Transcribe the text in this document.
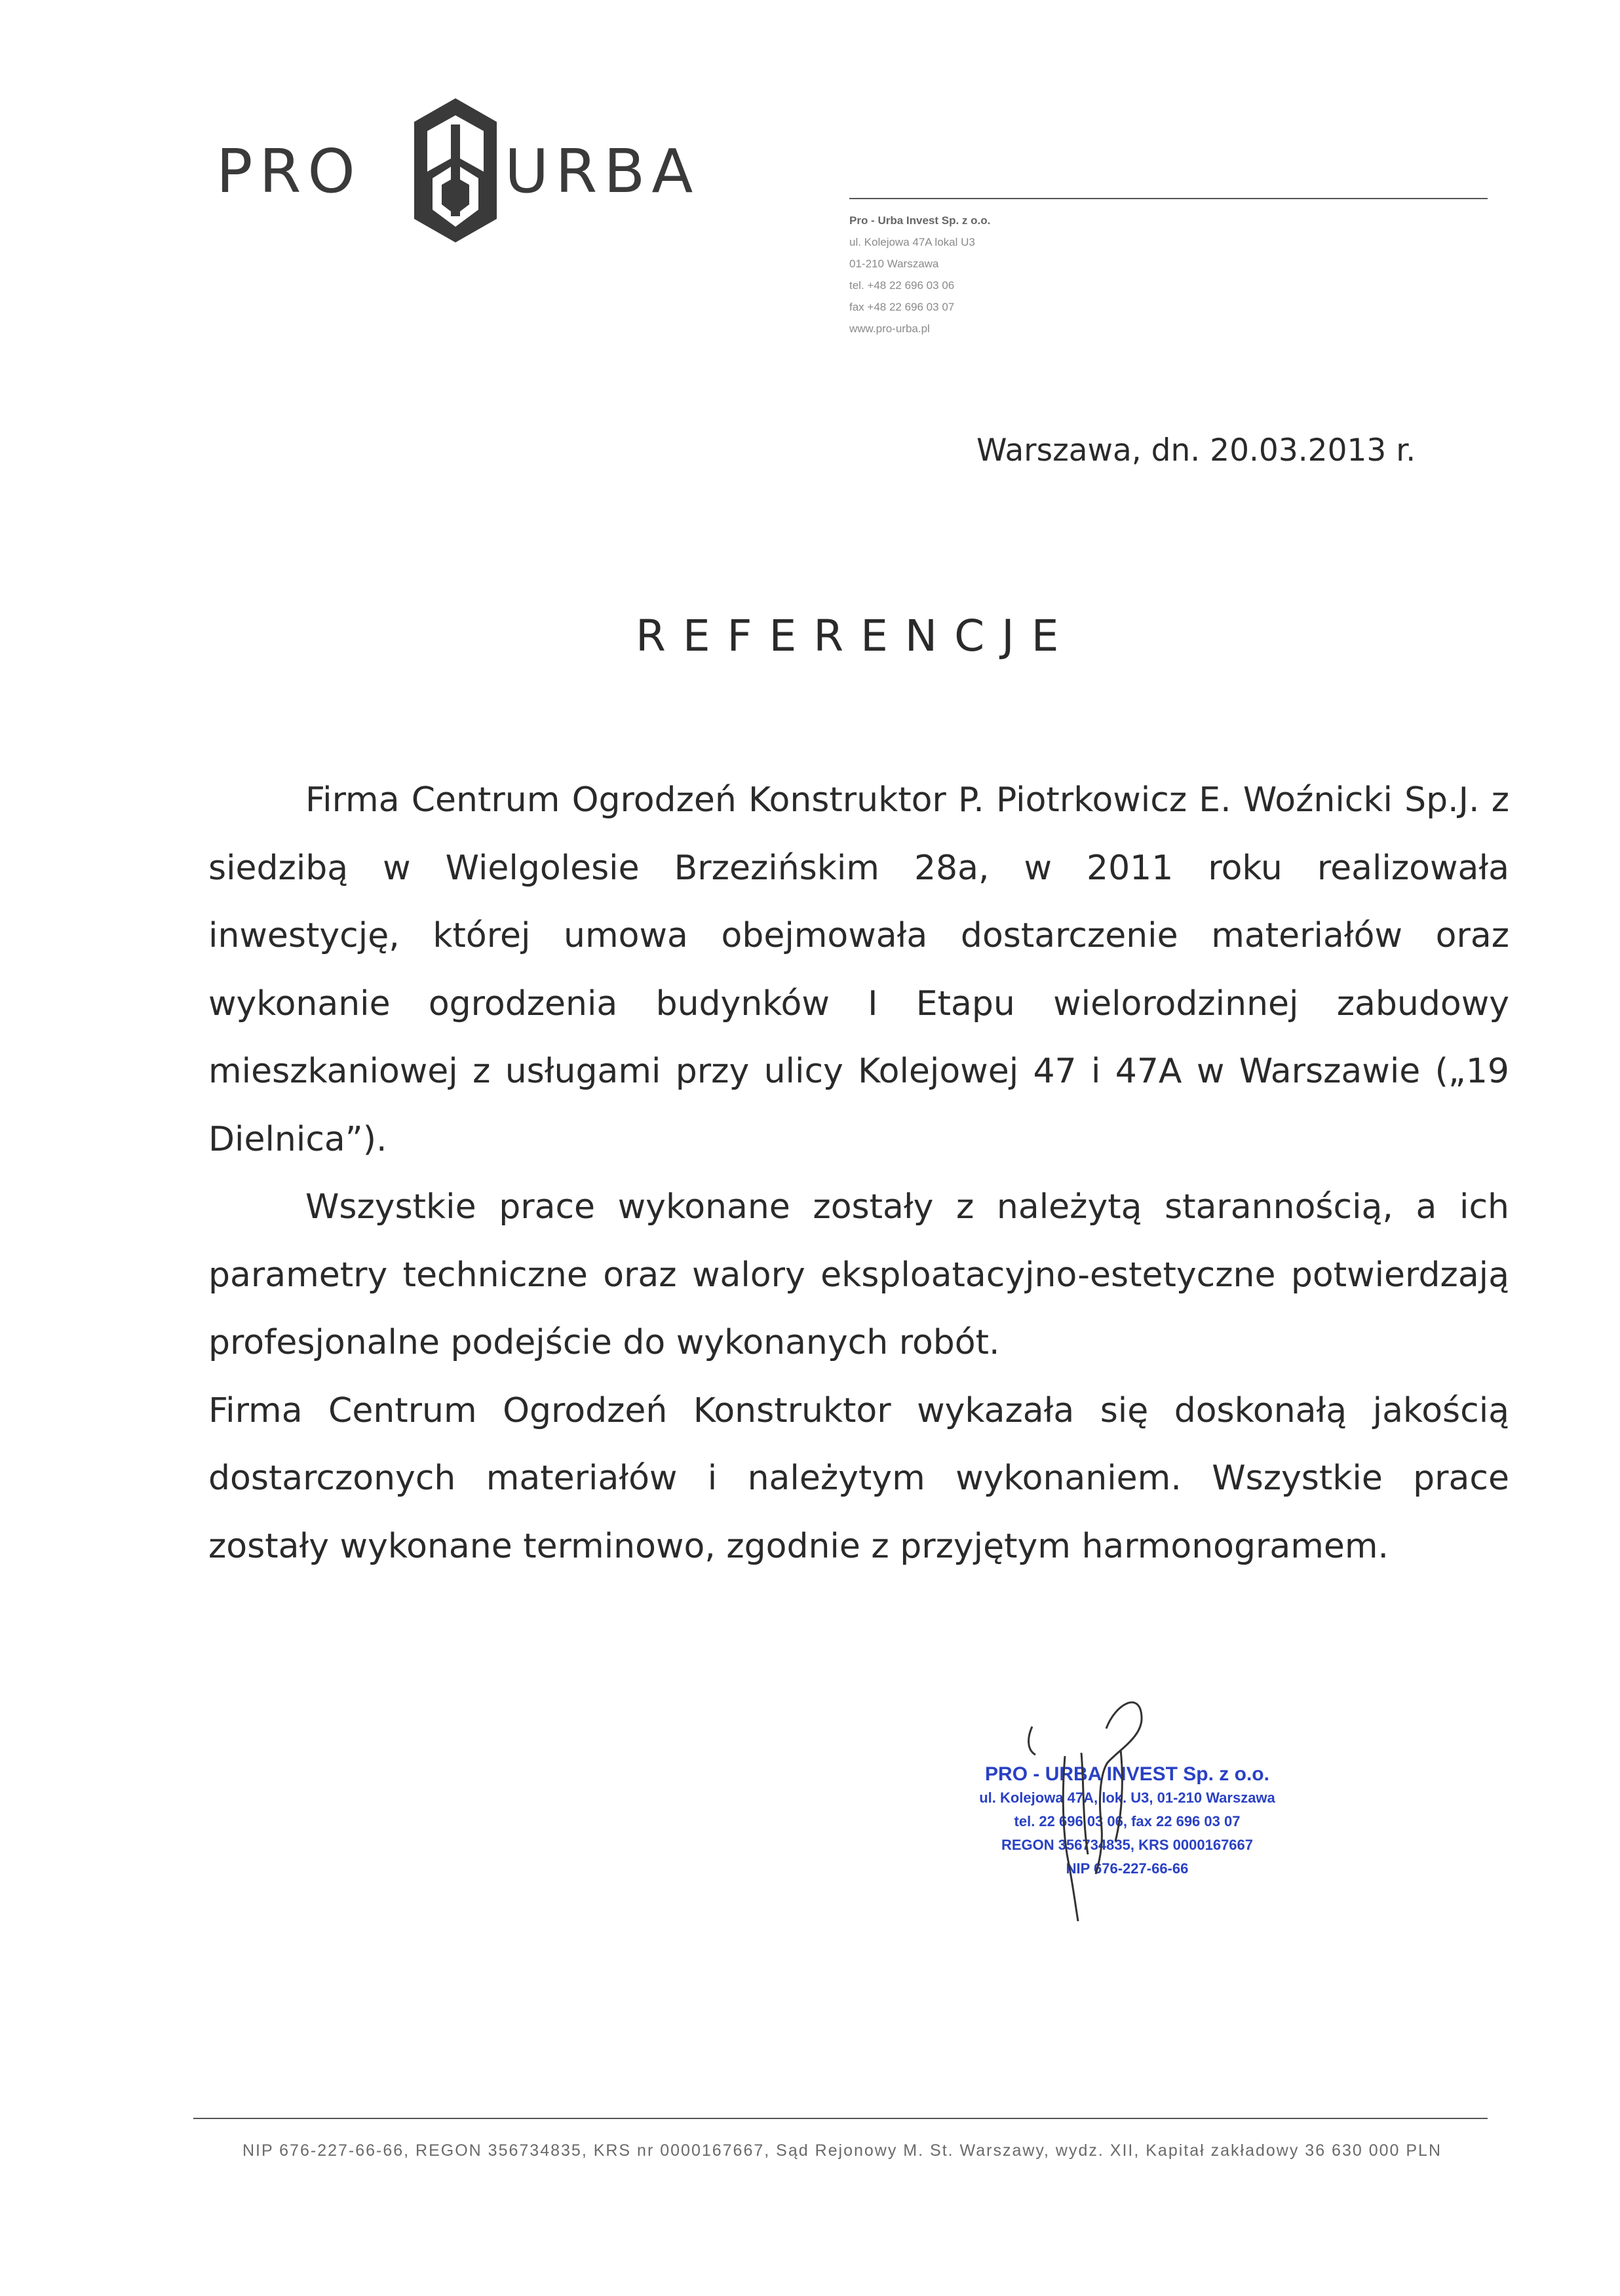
PRO URBA
Pro - Urba Invest Sp. z o.o.
ul. Kolejowa 47A lokal U3
01-210 Warszawa
tel. +48 22 696 03 06
fax +48 22 696 03 07
www.pro-urba.pl
Warszawa, dn. 20.03.2013 r.
REFERENCJE

Firma Centrum Ogrodzeń Konstruktor P. Piotrkowicz E. Woźnicki Sp.J. z siedzibą w Wielgolesie Brzezińskim 28a, w 2011 roku realizowała inwestycję, której umowa obejmowała dostarczenie materiałów oraz wykonanie ogrodzenia budynków I Etapu wielorodzinnej zabudowy mieszkaniowej z usługami przy ulicy Kolejowej 47 i 47A w Warszawie („19 Dielnica”).

Wszystkie prace wykonane zostały z należytą starannością, a ich parametry techniczne oraz walory eksploatacyjno-estetyczne potwierdzają profesjonalne podejście do wykonanych robót.

Firma Centrum Ogrodzeń Konstruktor wykazała się doskonałą jakością dostarczonych materiałów i należytym wykonaniem. Wszystkie prace zostały wykonane terminowo, zgodnie z przyjętym harmonogramem.

PRO - URBA INVEST Sp. z o.o.
ul. Kolejowa 47A, lok. U3, 01-210 Warszawa
tel. 22 696 03 06, fax 22 696 03 07
REGON 356734835, KRS 0000167667
NIP 676-227-66-66
NIP 676-227-66-66, REGON 356734835, KRS nr 0000167667, Sąd Rejonowy M. St. Warszawy, wydz. XII, Kapitał zakładowy 36 630 000 PLN
